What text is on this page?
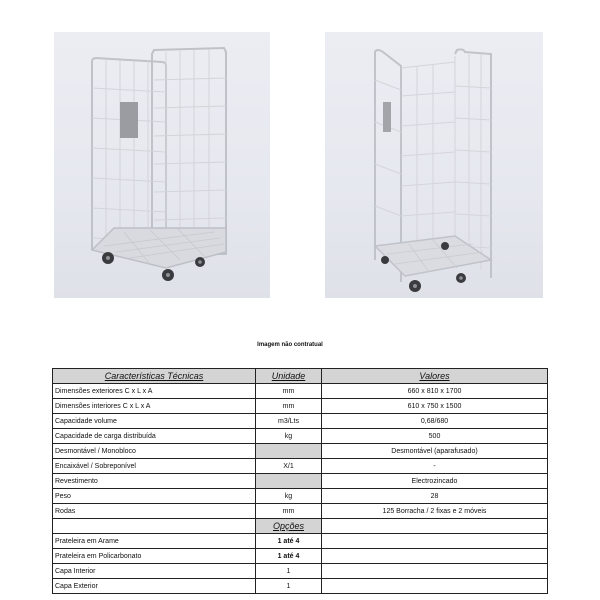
Imagem não contratual
Características Técnicas	Unidade	Valores
Dimensões exteriores C x L x A	mm	660 x 810 x 1700
Dimensões interiores C x L x A	mm	610 x 750 x 1500
Capacidade volume	m3/Lts	0,68/680
Capacidade de carga distribuída	kg	500
Desmontável / Monobloco		Desmontável (aparafusado)
Encaixável / Sobreponível	X/1	-
Revestimento		Electrozincado
Peso	kg	28
Rodas	mm	125 Borracha / 2 fixas e 2 móveis
	Opções	
Prateleira em Arame	1 até 4	
Prateleira em Policarbonato	1 até 4	
Capa Interior	1	
Capa Exterior	1	
